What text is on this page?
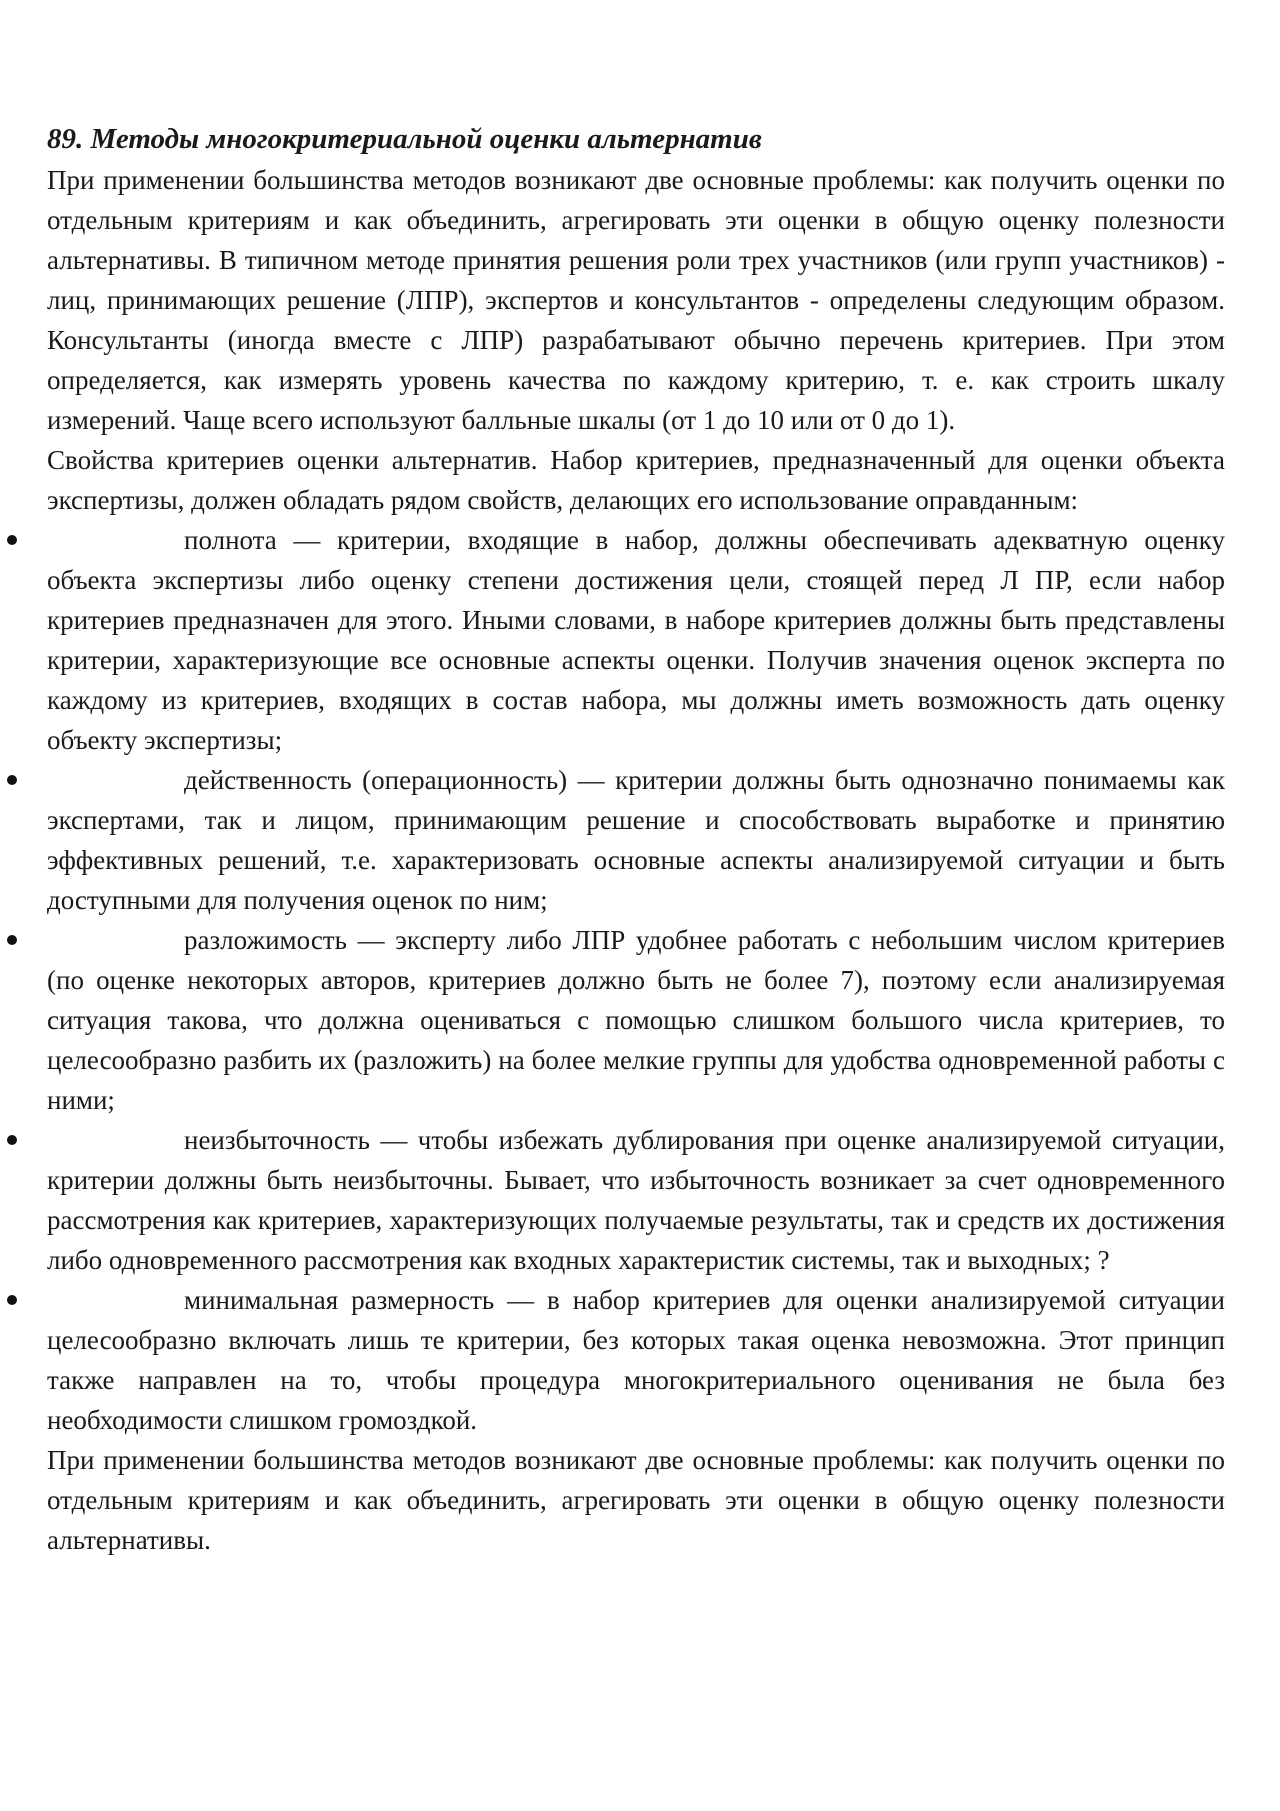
89. Методы многокритериальной оценки альтернатив

При применении большинства методов возникают две основные проблемы: как получить оценки по отдельным критериям и как объединить, агрегировать эти оценки в общую оценку полезности альтернативы. В типичном методе принятия решения роли трех участников (или групп участников) - лиц, принимающих решение (ЛПР), экспертов и консультантов - определены следующим образом. Консультанты (иногда вместе с ЛПР) разрабатывают обычно перечень критериев. При этом определяется, как измерять уровень качества по каждому критерию, т. е. как строить шкалу измерений. Чаще всего используют балльные шкалы (от 1 до 10 или от 0 до 1).

Свойства критериев оценки альтернатив. Набор критериев, предназначенный для оценки объекта экспертизы, должен обладать рядом свойств, делающих его использование оправданным:

полнота — критерии, входящие в набор, должны обеспечивать адекватную оценку объекта экспертизы либо оценку степени достижения цели, стоящей перед Л ПР, если набор критериев предназначен для этого. Иными словами, в наборе критериев должны быть представлены критерии, характеризующие все основные аспекты оценки. Получив значения оценок эксперта по каждому из критериев, входящих в состав набора, мы должны иметь возможность дать оценку объекту экспертизы;
действенность (операционность) — критерии должны быть однозначно понимаемы как экспертами, так и лицом, принимающим решение и способствовать выработке и принятию эффективных решений, т.е. характеризовать основные аспекты анализируемой ситуации и быть доступными для получения оценок по ним;
разложимость — эксперту либо ЛПР удобнее работать с небольшим числом критериев (по оценке некоторых авторов, критериев должно быть не более 7), поэтому если анализируемая ситуация такова, что должна оцениваться с помощью слишком большого числа критериев, то целесообразно разбить их (разложить) на более мелкие группы для удобства одновременной работы с ними;
неизбыточность — чтобы избежать дублирования при оценке анализируемой ситуации, критерии должны быть неизбыточны. Бывает, что избыточность возникает за счет одновременного рассмотрения как критериев, характеризующих получаемые результаты, так и средств их достижения либо одновременного рассмотрения как входных характеристик системы, так и выходных; ?
минимальная размерность — в набор критериев для оценки анализируемой ситуации целесообразно включать лишь те критерии, без которых такая оценка невозможна. Этот принцип также направлен на то, чтобы процедура многокритериального оценивания не была без необходимости слишком громоздкой.

При применении большинства методов возникают две основные проблемы: как получить оценки по отдельным критериям и как объединить, агрегировать эти оценки в общую оценку полезности альтернативы.
